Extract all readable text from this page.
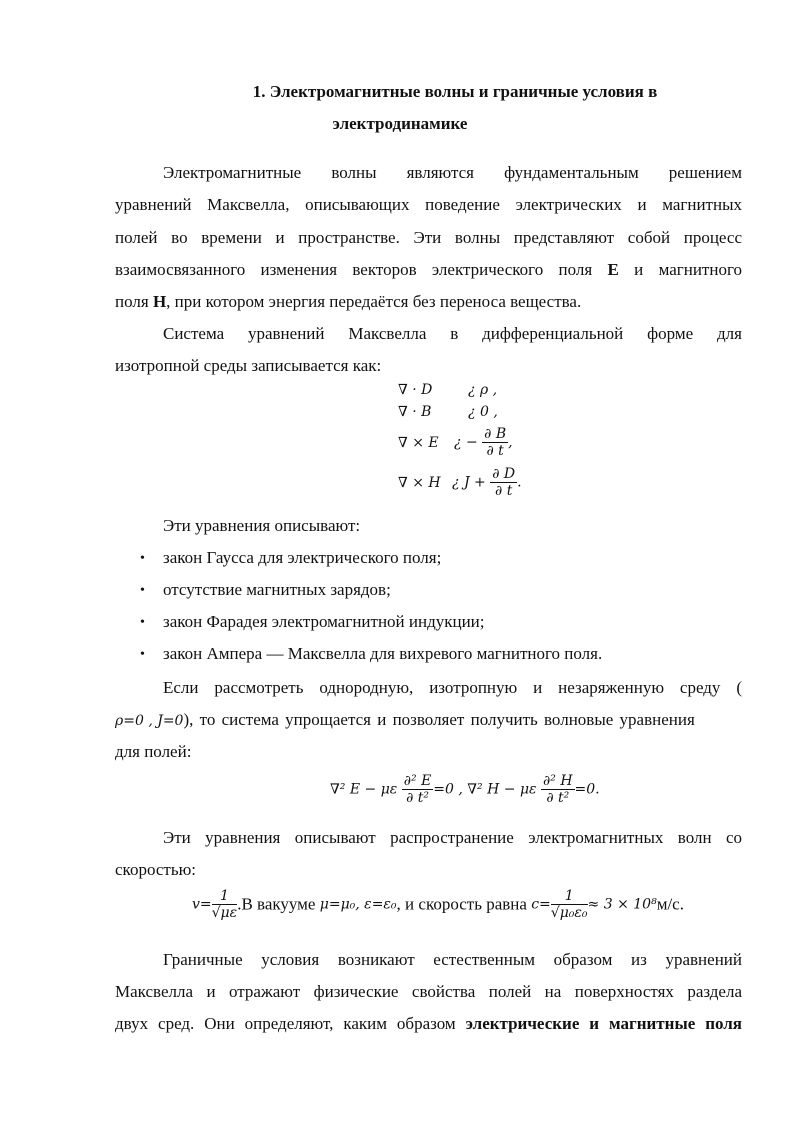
1. Электромагнитные волны и граничные условия в
электродинамике
Электромагнитные волны являются фундаментальным решением
уравнений Максвелла, описывающих поведение электрических и магнитных
полей во времени и пространстве. Эти волны представляют собой процесс
взаимосвязанного изменения векторов электрического поля E и магнитного
поля H, при котором энергия передаётся без переноса вещества.
Система уравнений Максвелла в дифференциальной форме для
изотропной среды записывается как:
∇ · D	¿ ρ ,
∇ · B	¿ 0 ,
∇ × E ¿ − $\frac{\partial B}{\partial t}$ ,
∇ × H ¿ $J + \frac{\partial D}{\partial t}$ .
Эти уравнения описывают:
• закон Гаусса для электрического поля;
• отсутствие магнитных зарядов;
• закон Фарадея электромагнитной индукции;
• закон Ампера — Максвелла для вихревого магнитного поля.
Если рассмотреть однородную, изотропную и незаряженную среду (
ρ=0 , J=0), то система упрощается и позволяет получить волновые уравнения
для полей:
∇² E − με $\frac{\text{∂² E}}{\text{∂ t²}} =0$ , ∇² H − με $\frac{\text{∂² H}}{\text{∂ t²}} =0$.
Эти уравнения описывают распространение электромагнитных волн со
скоростью:
$v= \frac{1}{√\mu\varepsilon} .В$ вакууме μ=μ₀, ε=ε₀, и скорость равна $c= \frac{1}{\text{√μ₀ε₀}} \approx 3 \times 10^8м/с$.
Граничные условия возникают естественным образом из уравнений
Максвелла и отражают физические свойства полей на поверхностях раздела
двух сред. Они определяют, каким образом электрические и магнитные поля
